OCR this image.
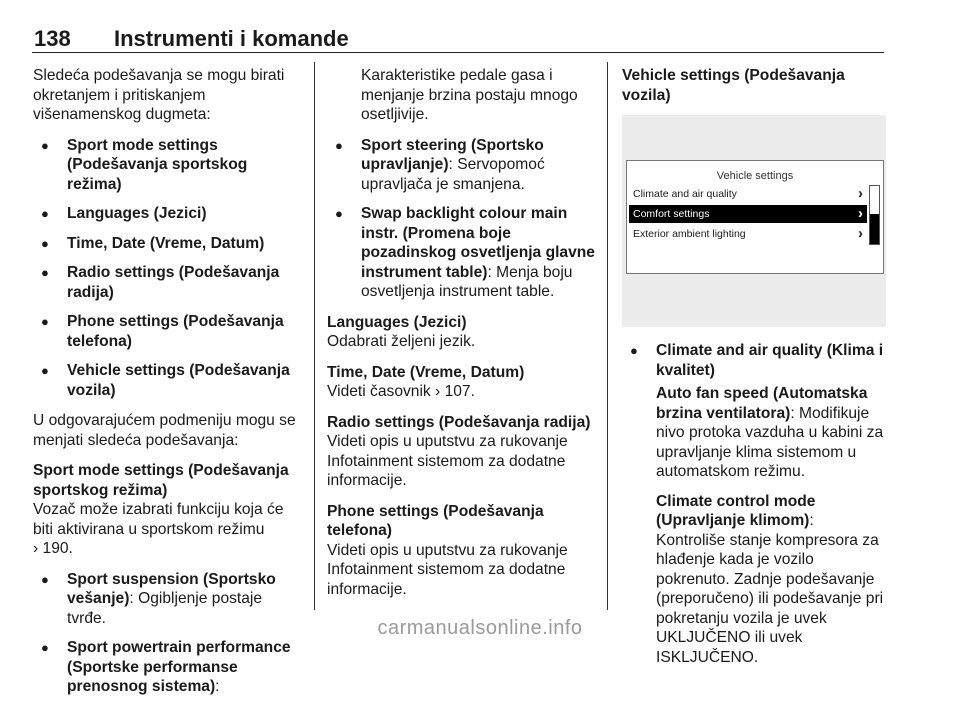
138 Instrumenti i komande

Sledeća podešavanja se mogu birati okretanjem i pritiskanjem višenamenskog dugmeta:

● Sport mode settings (Podešavanja sportskog režima)
● Languages (Jezici)
● Time, Date (Vreme, Datum)
● Radio settings (Podešavanja radija)
● Phone settings (Podešavanja telefona)
● Vehicle settings (Podešavanja vozila)

U odgovarajućem podmeniju mogu se menjati sledeća podešavanja:

Sport mode settings (Podešavanja sportskog režima)

Vozač može izabrati funkciju koja će biti aktivirana u sportskom režimu
› 190.

● Sport suspension (Sportsko vešanje): Ogibljenje postaje tvrđe.
● Sport powertrain performance (Sportske performanse prenosnog sistema):

Karakteristike pedale gasa i menjanje brzina postaju mnogo osetljivije.

● Sport steering (Sportsko upravljanje): Servopomoć upravljača je smanjena.
● Swap backlight colour main instr. (Promena boje pozadinskog osvetljenja glavne instrument table): Menja boju osvetljenja instrument table.

Languages (Jezici)

Odabrati željeni jezik.

Time, Date (Vreme, Datum)

Videti časovnik › 107.

Radio settings (Podešavanja radija)

Videti opis u uputstvu za rukovanje Infotainment sistemom za dodatne informacije.

Phone settings (Podešavanja telefona)

Videti opis u uputstvu za rukovanje Infotainment sistemom za dodatne informacije.

Vehicle settings (Podešavanja vozila)

Vehicle settings
Climate and air quality	›
Comfort settings	›
Exterior ambient lighting	›
● Climate and air quality (Klima i kvalitet)
Auto fan speed (Automatska brzina ventilatora): Modifikuje nivo protoka vazduha u kabini za upravljanje klima sistemom u automatskom režimu.
Climate control mode (Upravljanje klimom): Kontroliše stanje kompresora za hlađenje kada je vozilo pokrenuto. Zadnje podešavanje (preporučeno) ili podešavanje pri pokretanju vozila je uvek UKLJUČENO ili uvek ISKLJUČENO.
carmanualsonline.info
